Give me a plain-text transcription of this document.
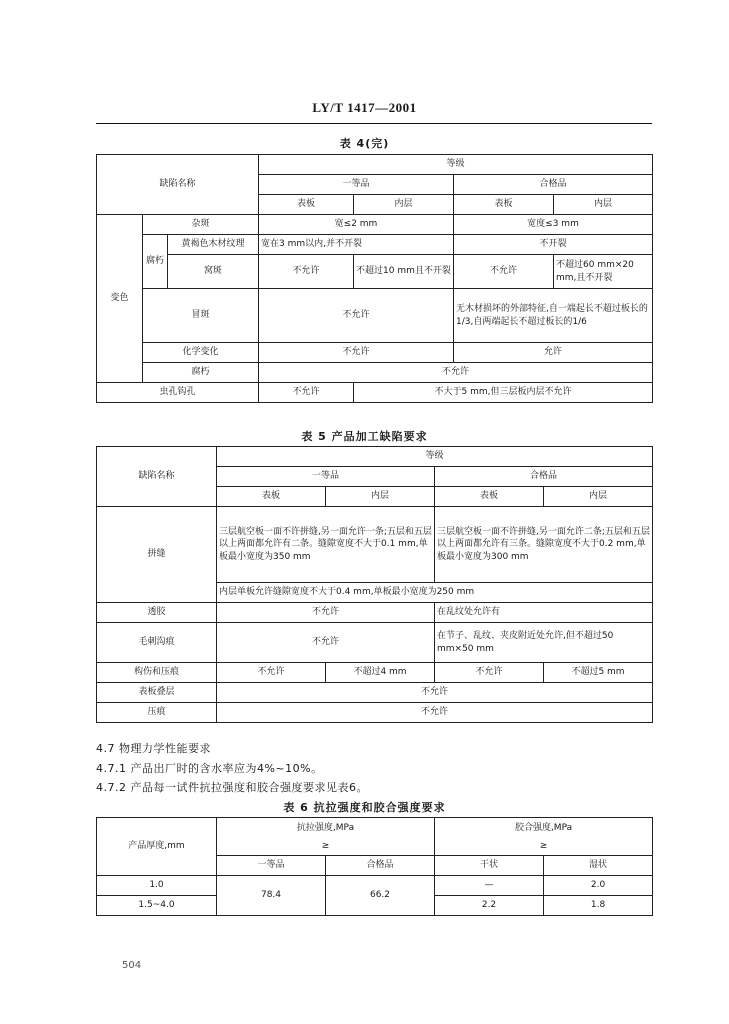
LY/T 1417—2001
表 4(完)
缺陷名称			等级			
			一等品		合格品	
			表板	内层	表板	内层
变色	杂斑		宽≤2 mm		宽度≤3 mm	
	腐朽	黄褐色木材纹理	宽在3 mm以内,并不开裂		不开裂	
		窝斑	不允许	不超过10 mm且不开裂	不允许	不超过60 mm×20 mm,且不开裂
	冒斑		不允许		无木材损坏的外部特征,自一端起长不超过板长的1/3,自两端起长不超过板长的1/6	
	化学变化		不允许		允许	
	腐朽		不允许			
虫孔钩孔			不允许	不大于5 mm,但三层板内层不允许		
表 5 产品加工缺陷要求
缺陷名称	等级			
	一等品		合格品	
	表板	内层	表板	内层
拼缝	三层航空板一面不许拼缝,另一面允许一条;五层和五层以上两面都允许有二条。缝隙宽度不大于0.1 mm,单板最小宽度为350 mm		三层航空板一面不许拼缝,另一面允许二条;五层和五层以上两面都允许有三条。缝隙宽度不大于0.2 mm,单板最小宽度为300 mm	
	内层单板允许缝隙宽度不大于0.4 mm,单板最小宽度为250 mm			
透胶	不允许		在乱纹处允许有	
毛刺沟痕	不允许		在节子、乱纹、夹皮附近处允许,但不超过50 mm×50 mm	
构伤和压痕	不允许	不超过4 mm	不允许	不超过5 mm
表板叠层	不允许			
压痕	不允许			
4.7 物理力学性能要求
4.7.1 产品出厂时的含水率应为4%~10%。
4.7.2 产品每一试件抗拉强度和胶合强度要求见表6。
表 6 抗拉强度和胶合强度要求
产品厚度,mm	抗拉强度,MPa		胶合强度,MPa	
	≥		≥	
	一等品	合格品	干状	湿状
1.0	78.4	66.2	—	2.0
1.5~4.0			2.2	1.8
504
